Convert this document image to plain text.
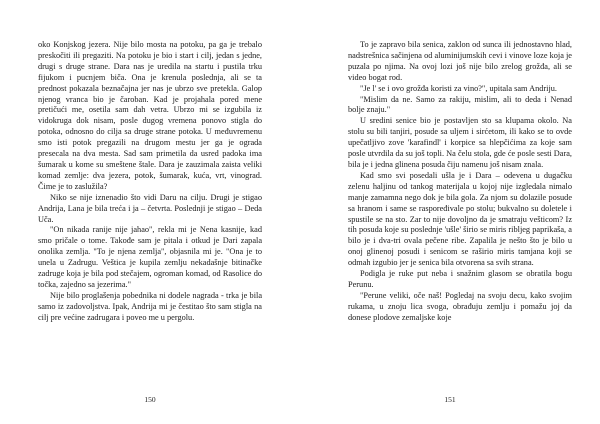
oko Konjskog jezera. Nije bilo mosta na potoku, pa ga je trebalo preskočiti ili pregaziti. Na potoku je bio i start i cilj, jedan s jedne, drugi s druge strane. Dara nas je uredila na startu i pustila trku fijukom i pucnjem biča. Ona je krenula poslednja, ali se ta prednost pokazala beznačajna jer nas je ubrzo sve pretekla. Galop njenog vranca bio je čaroban. Kad je projahala pored mene pretičući me, osetila sam dah vetra. Ubrzo mi se izgubila iz vidokruga dok nisam, posle dugog vremena ponovo stigla do potoka, odnosno do cilja sa druge strane potoka. U međuvremenu smo isti potok pregazili na drugom mestu jer ga je ograda presecala na dva mesta. Sad sam primetila da usred padoka ima šumarak u kome su smeštene štale. Dara je zauzimala zaista veliki komad zemlje: dva jezera, potok, šumarak, kuća, vrt, vinograd. Čime je to zaslužila?

Niko se nije iznenadio što vidi Daru na cilju. Drugi je stigao Andrija, Lana je bila treća i ja – četvrta. Poslednji je stigao – Deda Uča.

"On nikada ranije nije jahao", rekla mi je Nena kasnije, kad smo pričale o tome. Takođe sam je pitala i otkud je Dari zapala onolika zemlja. "To je njena zemlja", objasnila mi je. "Ona je to unela u Zadrugu. Veštica je kupila zemlju nekadašnje bitinačke zadruge koja je bila pod stečajem, ogroman komad, od Rasolice do točka, zajedno sa jezerima."

Nije bilo proglašenja pobednika ni dodele nagrada - trka je bila samo iz zadovoljstva. Ipak, Andrija mi je čestitao što sam stigla na cilj pre većine zadrugara i poveo me u pergolu.

150

To je zapravo bila senica, zaklon od sunca ili jednostavno hlad, nadstrešnica sačinjena od aluminijumskih cevi i vinove loze koja je puzala po njima. Na ovoj lozi još nije bilo zrelog grožđa, ali se video bogat rod.

"Je l' se i ovo grožđa koristi za vino?", upitala sam Andriju.

"Mislim da ne. Samo za rakiju, mislim, ali to deda i Nenad bolje znaju."

U sredini senice bio je postavljen sto sa klupama okolo. Na stolu su bili tanjiri, posude sa uljem i sirćetom, ili kako se to ovde upečatljivo zove 'karafindl' i korpice sa hlepčićima za koje sam posle utvrdila da su još topli. Na čelu stola, gde će posle sesti Dara, bila je i jedna glinena posuda čiju namenu još nisam znala.

Kad smo svi posedali ušla je i Dara – odevena u dugačku zelenu haljinu od tankog materijala u kojoj nije izgledala nimalo manje zamamna nego dok je bila gola. Za njom su dolazile posude sa hranom i same se raspoređivale po stolu; bukvalno su doletele i spustile se na sto. Zar to nije dovoljno da je smatraju vešticom? Iz tih posuda koje su poslednje 'ušle' širio se miris ribljeg paprikaša, a bilo je i dva-tri ovala pečene ribe. Zapalila je nešto što je bilo u onoj glinenoj posudi i senicom se raširio miris tamjana koji se odmah izgubio jer je senica bila otvorena sa svih strana.

Podigla je ruke put neba i snažnim glasom se obratila bogu Perunu.

"Perune veliki, oče naš! Pogledaj na svoju decu, kako svojim rukama, u znoju lica svoga, obrađuju zemlju i pomažu joj da donese plodove zemaljske koje

151
